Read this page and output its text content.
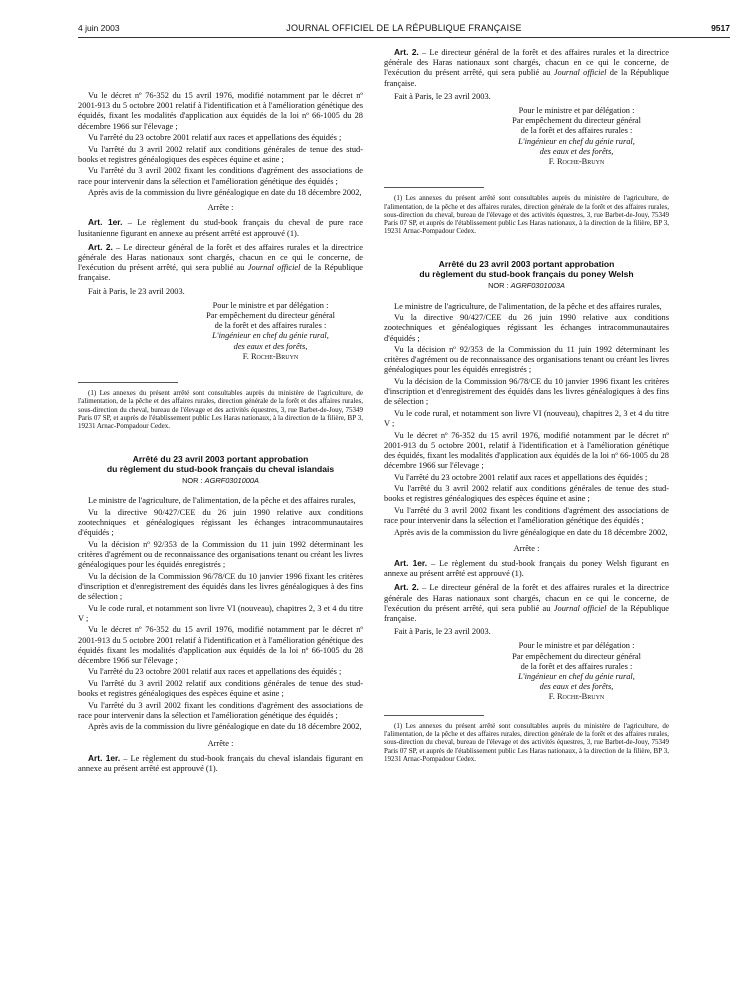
4 juin 2003	JOURNAL OFFICIEL DE LA RÉPUBLIQUE FRANÇAISE	9517

Vu le décret nº 76-352 du 15 avril 1976, modifié notamment par le décret nº 2001-913 du 5 octobre 2001 relatif à l'identification et à l'amélioration génétique des équidés, fixant les modalités d'application aux équidés de la loi nº 66-1005 du 28 décembre 1966 sur l'élevage ;

Vu l'arrêté du 23 octobre 2001 relatif aux races et appellations des équidés ;

Vu l'arrêté du 3 avril 2002 relatif aux conditions générales de tenue des stud-books et registres généalogiques des espèces équine et asine ;

Vu l'arrêté du 3 avril 2002 fixant les conditions d'agrément des associations de race pour intervenir dans la sélection et l'amélioration génétique des équidés ;

Après avis de la commission du livre généalogique en date du 18 décembre 2002,

Arrête :

Art. 1er. – Le règlement du stud-book français du cheval de pure race lusitanienne figurant en annexe au présent arrêté est approuvé (1).

Art. 2. – Le directeur général de la forêt et des affaires rurales et la directrice générale des Haras nationaux sont chargés, chacun en ce qui le concerne, de l'exécution du présent arrêté, qui sera publié au Journal officiel de la République française.

Fait à Paris, le 23 avril 2003.

Pour le ministre et par délégation :

Par empêchement du directeur général

de la forêt et des affaires rurales :

L'ingénieur en chef du génie rural,

des eaux et des forêts,

F. Roche-Bruyn

(1) Les annexes du présent arrêté sont consultables auprès du ministère de l'agriculture, de l'alimentation, de la pêche et des affaires rurales, direction générale de la forêt et des affaires rurales, sous-direction du cheval, bureau de l'élevage et des activités équestres, 3, rue Barbet-de-Jouy, 75349 Paris 07 SP, et auprès de l'établissement public Les Haras nationaux, à la direction de la filière, BP 3, 19231 Arnac-Pompadour Cedex.

Arrêté du 23 avril 2003 portant approbation
du règlement du stud-book français du cheval islandais
NOR : AGRF0301000A

Le ministre de l'agriculture, de l'alimentation, de la pêche et des affaires rurales,

Vu la directive 90/427/CEE du 26 juin 1990 relative aux conditions zootechniques et généalogiques régissant les échanges intracommunautaires d'équidés ;

Vu la décision nº 92/353 de la Commission du 11 juin 1992 déterminant les critères d'agrément ou de reconnaissance des organisations tenant ou créant les livres généalogiques pour les équidés enregistrés ;

Vu la décision de la Commission 96/78/CE du 10 janvier 1996 fixant les critères d'inscription et d'enregistrement des équidés dans les livres généalogiques à des fins de sélection ;

Vu le code rural, et notamment son livre VI (nouveau), chapitres 2, 3 et 4 du titre V ;

Vu le décret nº 76-352 du 15 avril 1976, modifié notamment par le décret nº 2001-913 du 5 octobre 2001 relatif à l'identification et à l'amélioration génétique des équidés fixant les modalités d'application aux équidés de la loi nº 66-1005 du 28 décembre 1966 sur l'élevage ;

Vu l'arrêté du 23 octobre 2001 relatif aux races et appellations des équidés ;

Vu l'arrêté du 3 avril 2002 relatif aux conditions générales de tenue des stud-books et registres généalogiques des espèces équine et asine ;

Vu l'arrêté du 3 avril 2002 fixant les conditions d'agrément des associations de race pour intervenir dans la sélection et l'amélioration génétique des équidés ;

Après avis de la commission du livre généalogique en date du 18 décembre 2002,

Arrête :

Art. 1er. – Le règlement du stud-book français du cheval islandais figurant en annexe au présent arrêté est approuvé (1).

Art. 2. – Le directeur général de la forêt et des affaires rurales et la directrice générale des Haras nationaux sont chargés, chacun en ce qui le concerne, de l'exécution du présent arrêté, qui sera publié au Journal officiel de la République française.

Fait à Paris, le 23 avril 2003.

Pour le ministre et par délégation :

Par empêchement du directeur général

de la forêt et des affaires rurales :

L'ingénieur en chef du génie rural,

des eaux et des forêts,

F. Roche-Bruyn

(1) Les annexes du présent arrêté sont consultables auprès du ministère de l'agriculture, de l'alimentation, de la pêche et des affaires rurales, direction générale de la forêt et des affaires rurales, sous-direction du cheval, bureau de l'élevage et des activités équestres, 3, rue Barbet-de-Jouy, 75349 Paris 07 SP, et auprès de l'établissement public Les Haras nationaux, à la direction de la filière, BP 3, 19231 Arnac-Pompadour Cedex.

Arrêté du 23 avril 2003 portant approbation
du règlement du stud-book français du poney Welsh
NOR : AGRF0301003A

Le ministre de l'agriculture, de l'alimentation, de la pêche et des affaires rurales,

Vu la directive 90/427/CEE du 26 juin 1990 relative aux conditions zootechniques et généalogiques régissant les échanges intracommunautaires d'équidés ;

Vu la décision nº 92/353 de la Commission du 11 juin 1992 déterminant les critères d'agrément ou de reconnaissance des organisations tenant ou créant les livres généalogiques pour les équidés enregistrés ;

Vu la décision de la Commission 96/78/CE du 10 janvier 1996 fixant les critères d'inscription et d'enregistrement des équidés dans les livres généalogiques à des fins de sélection ;

Vu le code rural, et notamment son livre VI (nouveau), chapitres 2, 3 et 4 du titre V ;

Vu le décret nº 76-352 du 15 avril 1976, modifié notamment par le décret nº 2001-913 du 5 octobre 2001, relatif à l'identification et à l'amélioration génétique des équidés, fixant les modalités d'application aux équidés de la loi nº 66-1005 du 28 décembre 1966 sur l'élevage ;

Vu l'arrêté du 23 octobre 2001 relatif aux races et appellations des équidés ;

Vu l'arrêté du 3 avril 2002 relatif aux conditions générales de tenue des stud-books et registres généalogiques des espèces équine et asine ;

Vu l'arrêté du 3 avril 2002 fixant les conditions d'agrément des associations de race pour intervenir dans la sélection et l'amélioration génétique des équidés ;

Après avis de la commission du livre généalogique en date du 18 décembre 2002,

Arrête :

Art. 1er. – Le règlement du stud-book français du poney Welsh figurant en annexe au présent arrêté est approuvé (1).

Art. 2. – Le directeur général de la forêt et des affaires rurales et la directrice générale des Haras nationaux sont chargés, chacun en ce qui le concerne, de l'exécution du présent arrêté, qui sera publié au Journal officiel de la République française.

Fait à Paris, le 23 avril 2003.

Pour le ministre et par délégation :

Par empêchement du directeur général

de la forêt et des affaires rurales :

L'ingénieur en chef du génie rural,

des eaux et des forêts,

F. Roche-Bruyn

(1) Les annexes du présent arrêté sont consultables auprès du ministère de l'agriculture, de l'alimentation, de la pêche et des affaires rurales, direction générale de la forêt et des affaires rurales, sous-direction du cheval, bureau de l'élevage et des activités équestres, 3, rue Barbet-de-Jouy, 75349 Paris 07 SP, et auprès de l'établissement public Les Haras nationaux, à la direction de la filière, BP 3, 19231 Arnac-Pompadour Cedex.
